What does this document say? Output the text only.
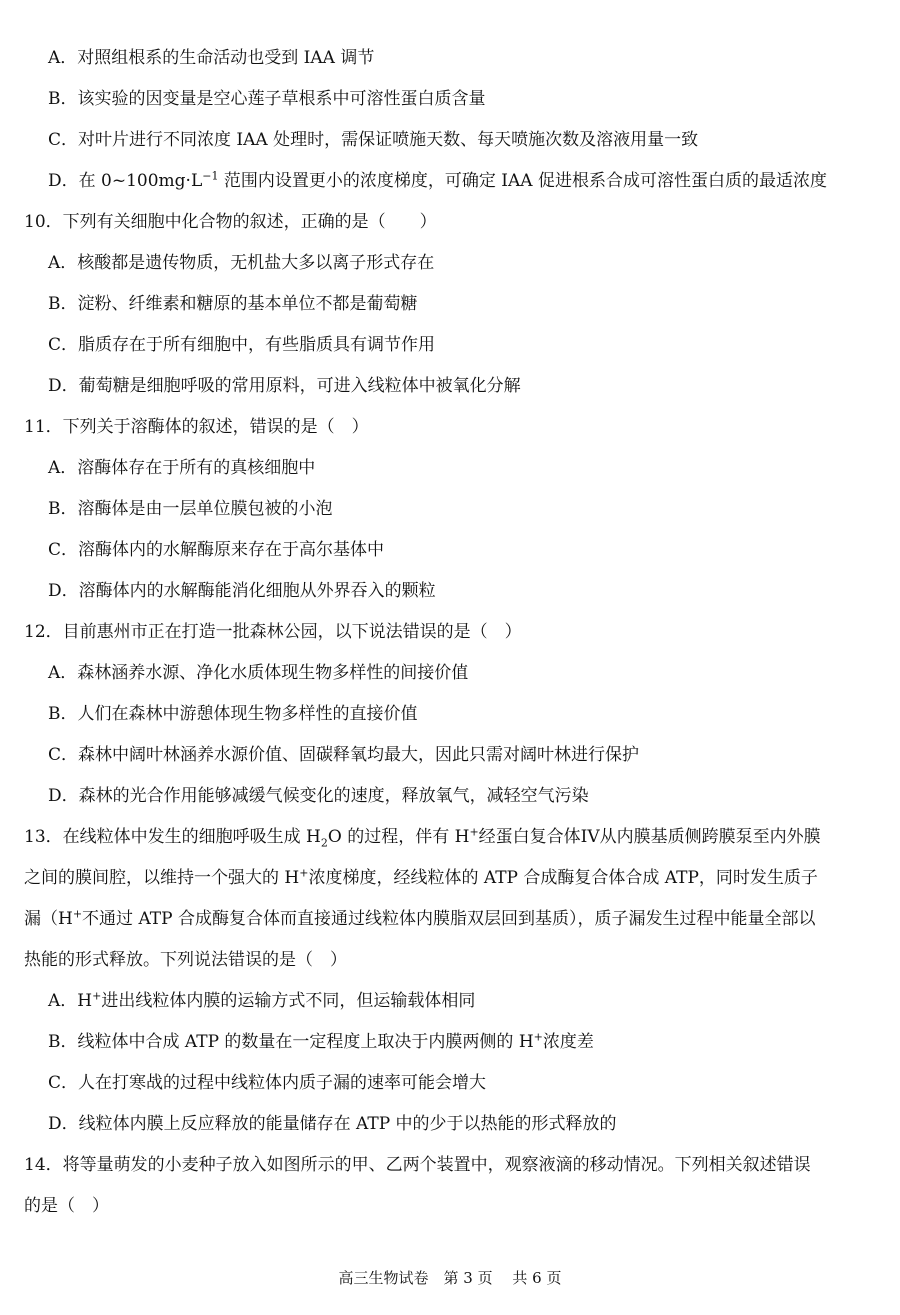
A．对照组根系的生命活动也受到 IAA 调节
B．该实验的因变量是空心莲子草根系中可溶性蛋白质含量
C．对叶片进行不同浓度 IAA 处理时，需保证喷施天数、每天喷施次数及溶液用量一致
D．在 $0\sim 100mg\cdot L^{-1}$ 范围内设置更小的浓度梯度，可确定 IAA 促进根系合成可溶性蛋白质的最适浓度
10．下列有关细胞中化合物的叙述，正确的是（　　）
A．核酸都是遗传物质，无机盐大多以离子形式存在
B．淀粉、纤维素和糖原的基本单位不都是葡萄糖
C．脂质存在于所有细胞中，有些脂质具有调节作用
D．葡萄糖是细胞呼吸的常用原料，可进入线粒体中被氧化分解
11．下列关于溶酶体的叙述，错误的是（　）
A．溶酶体存在于所有的真核细胞中
B．溶酶体是由一层单位膜包被的小泡
C．溶酶体内的水解酶原来存在于高尔基体中
D．溶酶体内的水解酶能消化细胞从外界吞入的颗粒
12．目前惠州市正在打造一批森林公园，以下说法错误的是（　）
A．森林涵养水源、净化水质体现生物多样性的间接价值
B．人们在森林中游憩体现生物多样性的直接价值
C．森林中阔叶林涵养水源价值、固碳释氧均最大，因此只需对阔叶林进行保护
D．森林的光合作用能够减缓气候变化的速度，释放氧气，减轻空气污染
13．在线粒体中发生的细胞呼吸生成 $H_2O$ 的过程，伴有 H+经蛋白复合体IV从内膜基质侧跨膜泵至内外膜
之间的膜间腔，以维持一个强大的 H+浓度梯度，经线粒体的 ATP 合成酶复合体合成 ATP，同时发生质子
漏（H+不通过 ATP 合成酶复合体而直接通过线粒体内膜脂双层回到基质），质子漏发生过程中能量全部以
热能的形式释放。下列说法错误的是（　）
A．H+进出线粒体内膜的运输方式不同，但运输载体相同
B．线粒体中合成 ATP 的数量在一定程度上取决于内膜两侧的 H+浓度差
C．人在打寒战的过程中线粒体内质子漏的速率可能会增大
D．线粒体内膜上反应释放的能量储存在 ATP 中的少于以热能的形式释放的
14．将等量萌发的小麦种子放入如图所示的甲、乙两个装置中，观察液滴的移动情况。下列相关叙述错误
的是（　）
高三生物试卷　第 3 页　 共 6 页
